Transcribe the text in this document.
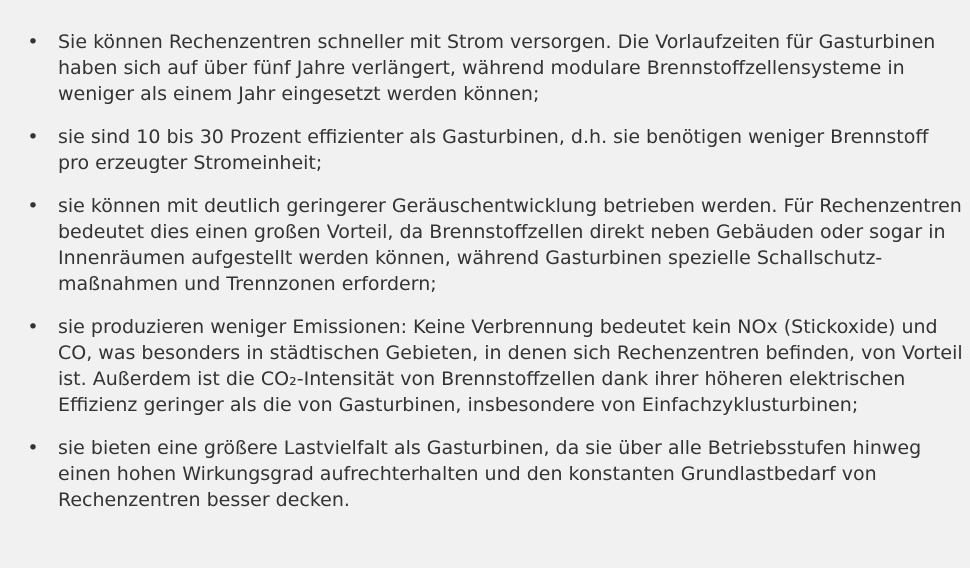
• Sie können Rechenzentren schneller mit Strom versorgen. Die Vorlaufzeiten für Gasturbinen haben sich auf über fünf Jahre verlängert, während modulare Brennstoffzellensysteme in weniger als einem Jahr eingesetzt werden können;
• sie sind 10 bis 30 Prozent effizienter als Gasturbinen, d.h. sie benötigen weniger Brennstoff pro erzeugter Stromeinheit;
• sie können mit deutlich geringerer Geräuschentwicklung betrieben werden. Für Rechenzentren bedeutet dies einen großen Vorteil, da Brennstoffzellen direkt neben Gebäuden oder sogar in Innenräumen aufgestellt werden können, während Gasturbinen spezielle Schallschutz-maßnahmen und Trennzonen erfordern;
• sie produzieren weniger Emissionen: Keine Verbrennung bedeutet kein NOx (Stickoxide) und CO, was besonders in städtischen Gebieten, in denen sich Rechenzentren befinden, von Vorteil ist. Außerdem ist die CO₂-Intensität von Brennstoffzellen dank ihrer höheren elektrischen Effizienz geringer als die von Gasturbinen, insbesondere von Einfachzyklusturbinen;
• sie bieten eine größere Lastvielfalt als Gasturbinen, da sie über alle Betriebsstufen hinweg einen hohen Wirkungsgrad aufrechterhalten und den konstanten Grundlastbedarf von Rechenzentren besser decken.
